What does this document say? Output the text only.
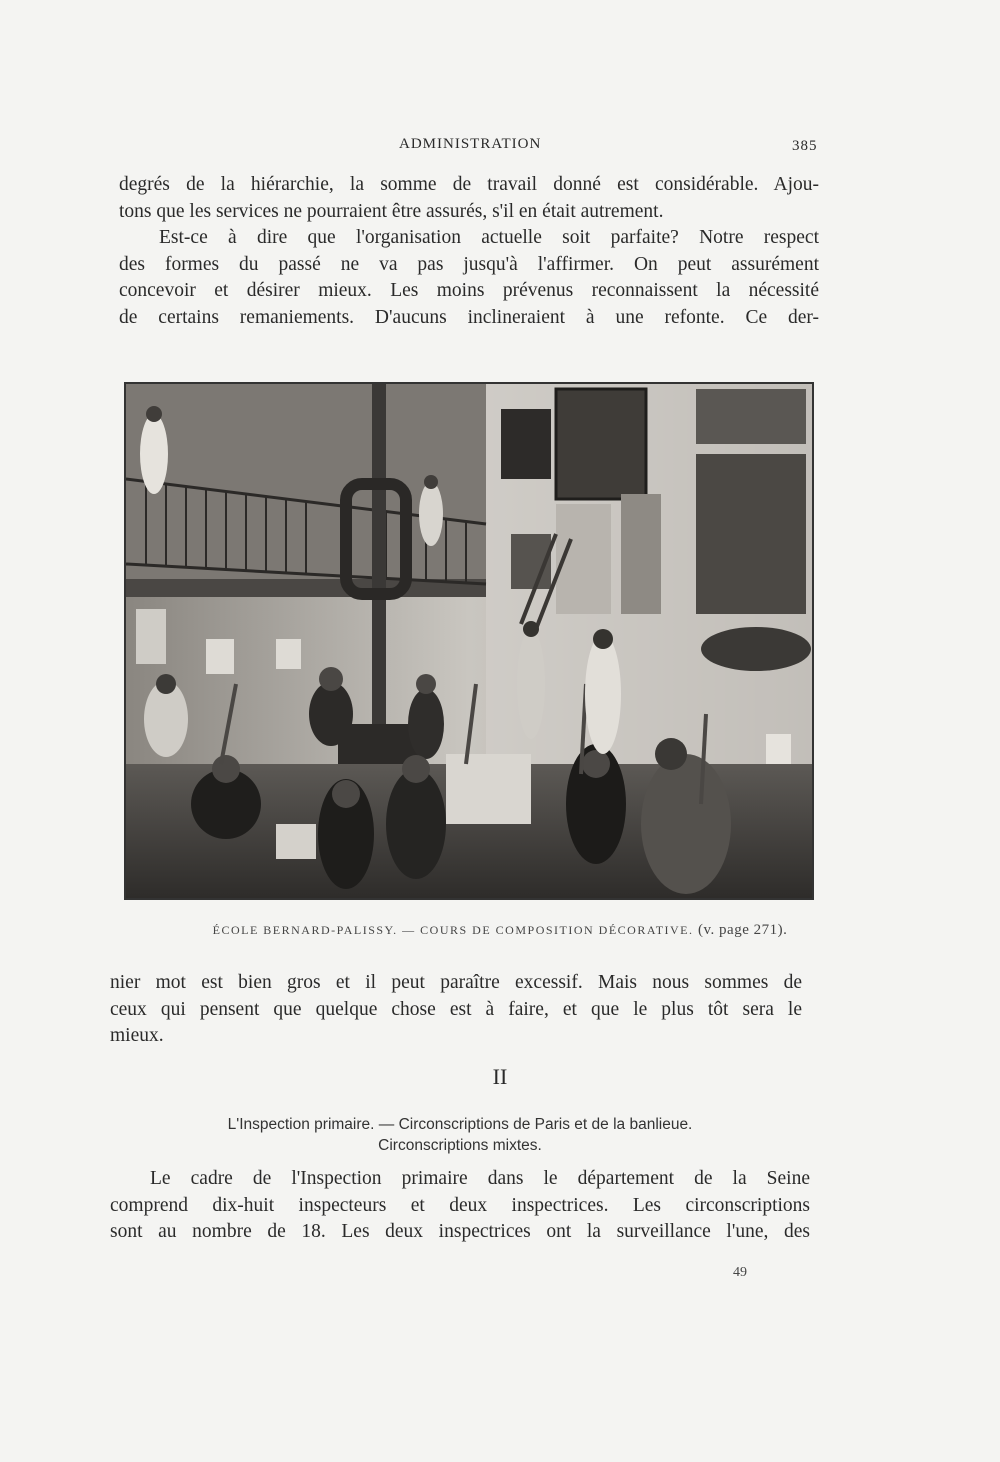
ADMINISTRATION	385
degrés de la hiérarchie, la somme de travail donné est considérable. Ajou-
tons que les services ne pourraient être assurés, s'il en était autrement.
Est-ce à dire que l'organisation actuelle soit parfaite? Notre respect
des formes du passé ne va pas jusqu'à l'affirmer. On peut assurément
concevoir et désirer mieux. Les moins prévenus reconnaissent la nécessité
de certains remaniements. D'aucuns inclineraient à une refonte. Ce der-
ÉCOLE BERNARD-PALISSY. — COURS DE COMPOSITION DÉCORATIVE. (v. page 271).
nier mot est bien gros et il peut paraître excessif. Mais nous sommes de
ceux qui pensent que quelque chose est à faire, et que le plus tôt sera le
mieux.
II
L'Inspection primaire. — Circonscriptions de Paris et de la banlieue.
Circonscriptions mixtes.
Le cadre de l'Inspection primaire dans le département de la Seine
comprend dix-huit inspecteurs et deux inspectrices. Les circonscriptions
sont au nombre de 18. Les deux inspectrices ont la surveillance l'une, des
49
